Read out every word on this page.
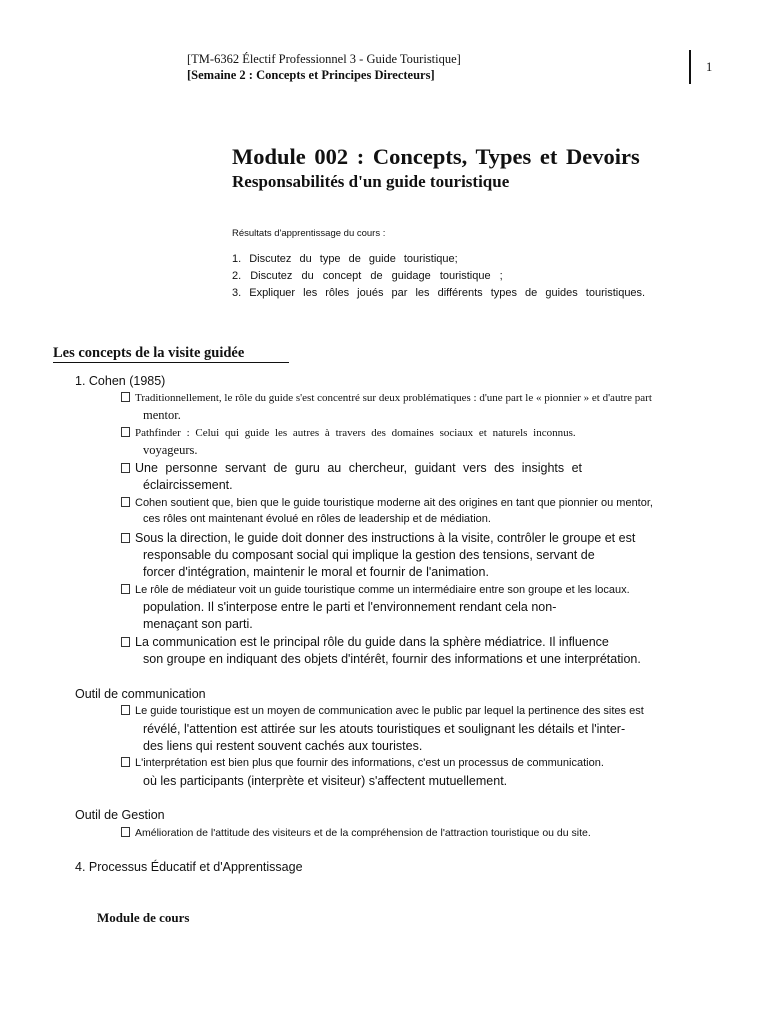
[TM-6362 Électif Professionnel 3 - Guide Touristique]
[Semaine 2 : Concepts et Principes Directeurs]
1
Module 002 : Concepts, Types et Devoirs
Responsabilités d'un guide touristique
Résultats d'apprentissage du cours :
1. Discutez du type de guide touristique;
2. Discutez du concept de guidage touristique ;
3. Expliquer les rôles joués par les différents types de guides touristiques.
Les concepts de la visite guidée
1. Cohen (1985)
Traditionnellement, le rôle du guide s'est concentré sur deux problématiques : d'une part le « pionnier » et d'autre part
mentor.
Pathfinder : Celui qui guide les autres à travers des domaines sociaux et naturels inconnus.
voyageurs.
Une personne servant de guru au chercheur, guidant vers des insights et
éclaircissement.
Cohen soutient que, bien que le guide touristique moderne ait des origines en tant que pionnier ou mentor,
ces rôles ont maintenant évolué en rôles de leadership et de médiation.
Sous la direction, le guide doit donner des instructions à la visite, contrôler le groupe et est
responsable du composant social qui implique la gestion des tensions, servant de
forcer d'intégration, maintenir le moral et fournir de l'animation.
Le rôle de médiateur voit un guide touristique comme un intermédiaire entre son groupe et les locaux.
population. Il s'interpose entre le parti et l'environnement rendant cela non-
menaçant son parti.
La communication est le principal rôle du guide dans la sphère médiatrice. Il influence
son groupe en indiquant des objets d'intérêt, fournir des informations et une interprétation.
Outil de communication
Le guide touristique est un moyen de communication avec le public par lequel la pertinence des sites est
révélé, l'attention est attirée sur les atouts touristiques et soulignant les détails et l'inter-
des liens qui restent souvent cachés aux touristes.
L'interprétation est bien plus que fournir des informations, c'est un processus de communication.
où les participants (interprète et visiteur) s'affectent mutuellement.
Outil de Gestion
Amélioration de l'attitude des visiteurs et de la compréhension de l'attraction touristique ou du site.
4. Processus Éducatif et d'Apprentissage
Module de cours
